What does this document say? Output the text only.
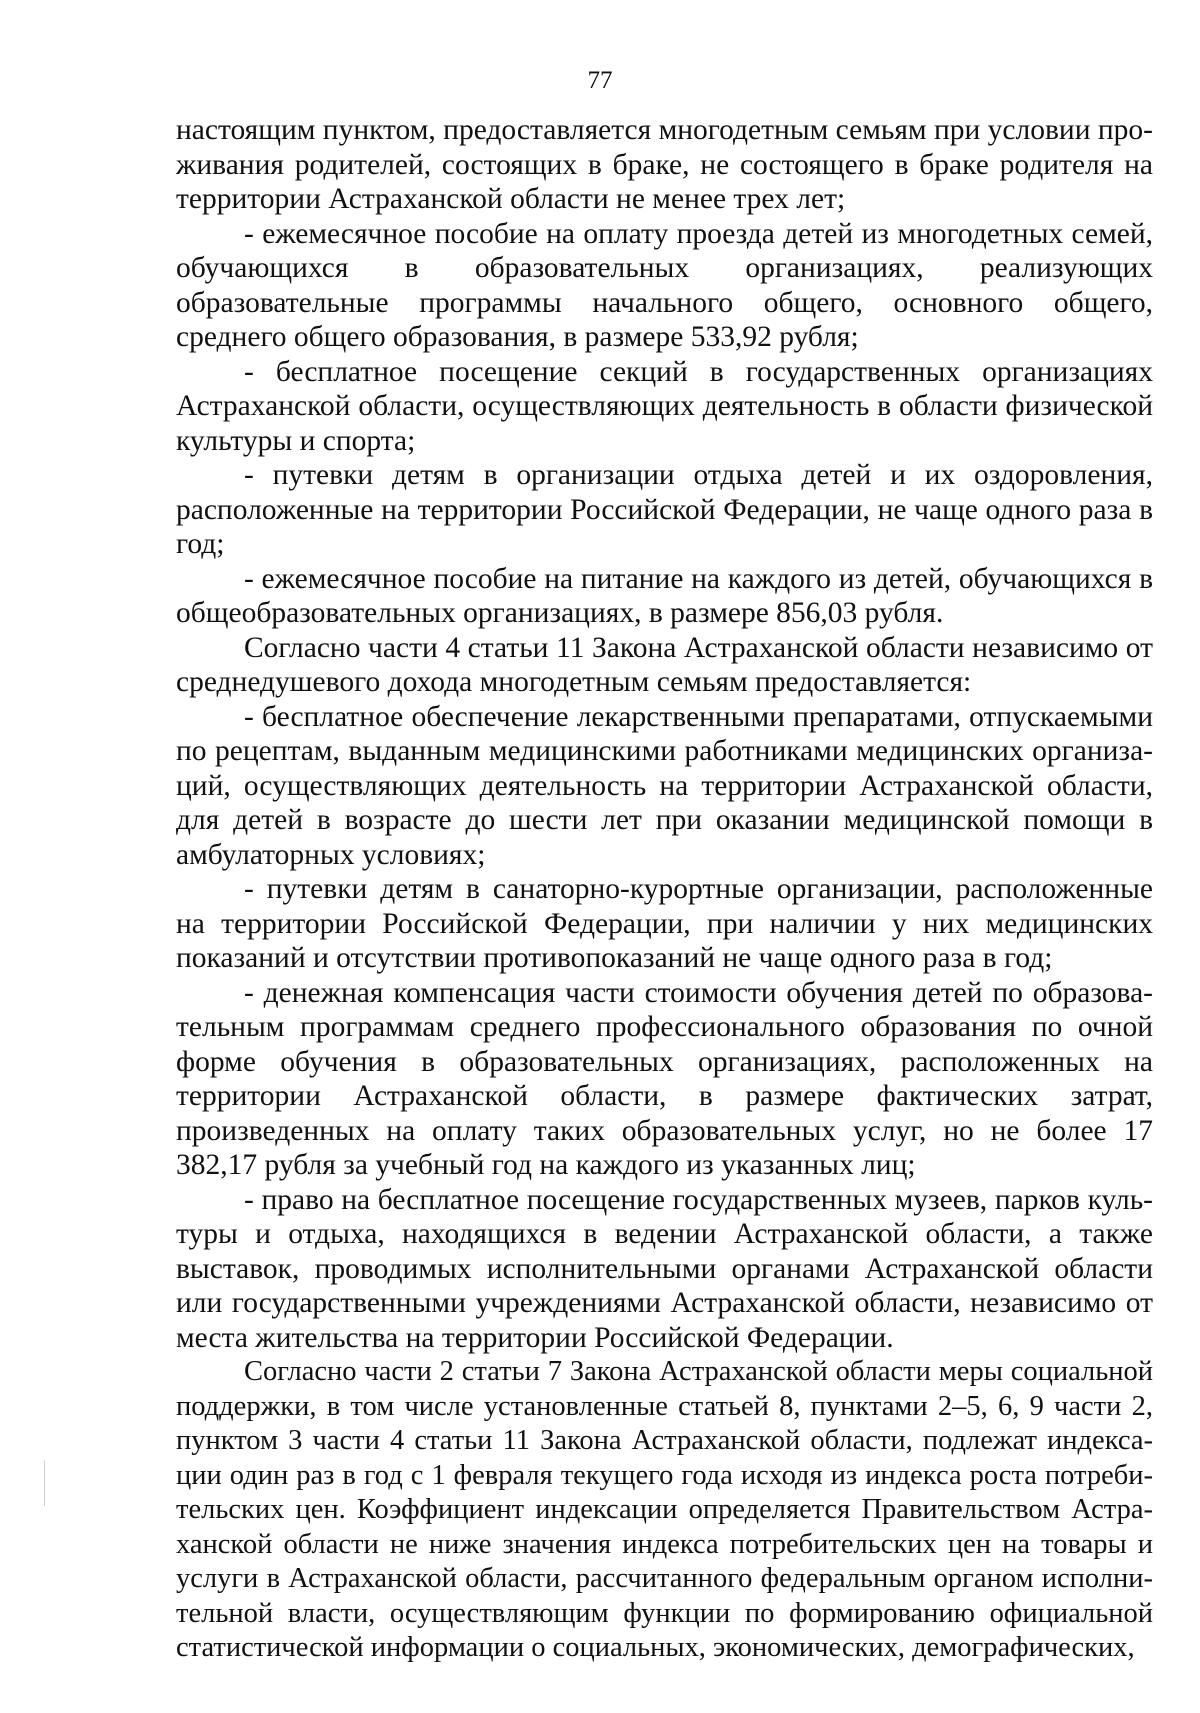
77

настоящим пунктом, предоставляется многодетным семьям при условии проживания родителей, состоящих в браке, не состоящего в браке родителя на территории Астраханской области не менее трех лет;

- ежемесячное пособие на оплату проезда детей из многодетных семей, обучающихся в образовательных организациях, реализующих образовательные программы начального общего, основного общего, среднего общего образования, в размере 533,92 рубля;

- бесплатное посещение секций в государственных организациях Астраханской области, осуществляющих деятельность в области физической культуры и спорта;

- путевки детям в организации отдыха детей и их оздоровления, расположенные на территории Российской Федерации, не чаще одного раза в год;

- ежемесячное пособие на питание на каждого из детей, обучающихся в общеобразовательных организациях, в размере 856,03 рубля.

Согласно части 4 статьи 11 Закона Астраханской области независимо от среднедушевого дохода многодетным семьям предоставляется:

- бесплатное обеспечение лекарственными препаратами, отпускаемыми по рецептам, выданным медицинскими работниками медицинских организаций, осуществляющих деятельность на территории Астраханской области, для детей в возрасте до шести лет при оказании медицинской помощи в амбулаторных условиях;

- путевки детям в санаторно-курортные организации, расположенные на территории Российской Федерации, при наличии у них медицинских показаний и отсутствии противопоказаний не чаще одного раза в год;

- денежная компенсация части стоимости обучения детей по образовательным программам среднего профессионального образования по очной форме обучения в образовательных организациях, расположенных на территории Астраханской области, в размере фактических затрат, произведенных на оплату таких образовательных услуг, но не более 17 382,17 рубля за учебный год на каждого из указанных лиц;

- право на бесплатное посещение государственных музеев, парков культуры и отдыха, находящихся в ведении Астраханской области, а также выставок, проводимых исполнительными органами Астраханской области или государственными учреждениями Астраханской области, независимо от места жительства на территории Российской Федерации.

Согласно части 2 статьи 7 Закона Астраханской области меры социальной поддержки, в том числе установленные статьей 8, пунктами 2–5, 6, 9 части 2, пунктом 3 части 4 статьи 11 Закона Астраханской области, подлежат индексации один раз в год с 1 февраля текущего года исходя из индекса роста потребительских цен. Коэффициент индексации определяется Правительством Астраханской области не ниже значения индекса потребительских цен на товары и услуги в Астраханской области, рассчитанного федеральным органом исполнительной власти, осуществляющим функции по формированию официальной статистической информации о социальных, экономических, демографических,
